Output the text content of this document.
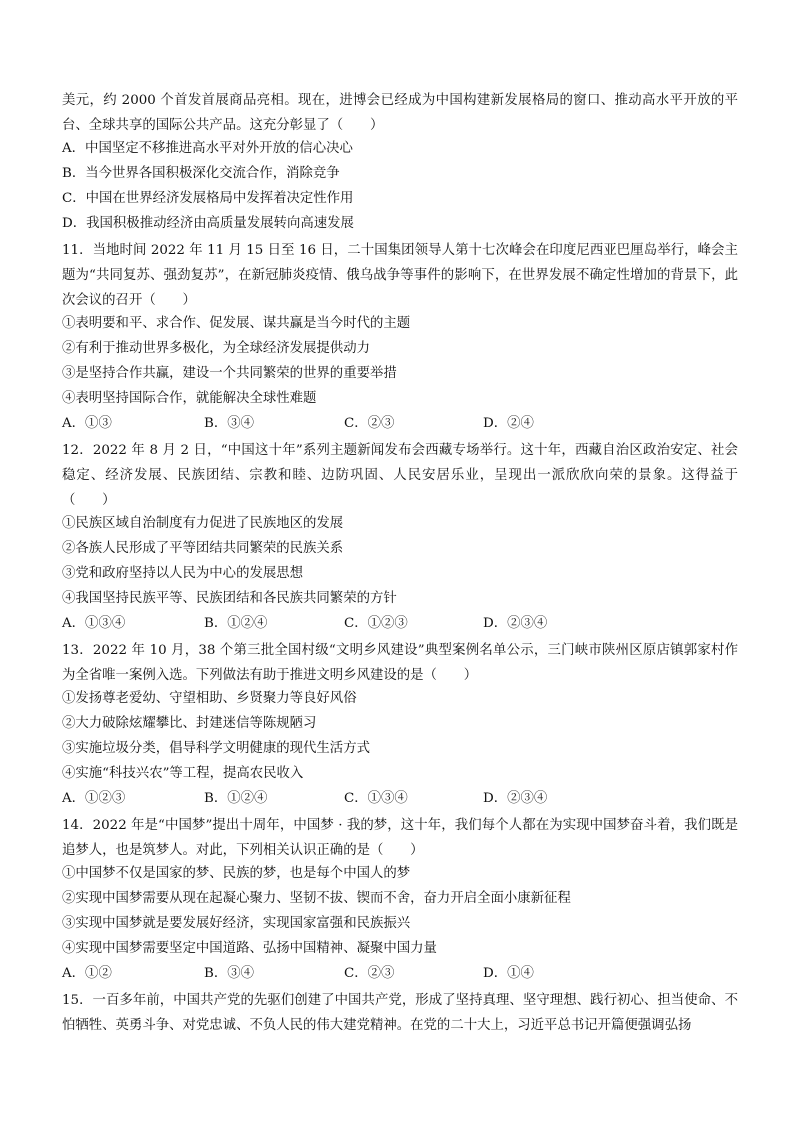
美元，约 2000 个首发首展商品亮相。现在，进博会已经成为中国构建新发展格局的窗口、推动高水平开放的平台、全球共享的国际公共产品。这充分彰显了（　　）
A．中国坚定不移推进高水平对外开放的信心决心
B．当今世界各国积极深化交流合作，消除竞争
C．中国在世界经济发展格局中发挥着决定性作用
D．我国积极推动经济由高质量发展转向高速发展
11．当地时间 2022 年 11 月 15 日至 16 日，二十国集团领导人第十七次峰会在印度尼西亚巴厘岛举行，峰会主题为“共同复苏、强劲复苏”，在新冠肺炎疫情、俄乌战争等事件的影响下，在世界发展不确定性增加的背景下，此次会议的召开（　　）
①表明要和平、求合作、促发展、谋共赢是当今时代的主题
②有利于推动世界多极化，为全球经济发展提供动力
③是坚持合作共赢，建设一个共同繁荣的世界的重要举措
④表明坚持国际合作，就能解决全球性难题
A．①③	B．③④	C．②③	D．②④
12．2022 年 8 月 2 日，“中国这十年”系列主题新闻发布会西藏专场举行。这十年，西藏自治区政治安定、社会稳定、经济发展、民族团结、宗教和睦、边防巩固、人民安居乐业，呈现出一派欣欣向荣的景象。这得益于（　　）
①民族区域自治制度有力促进了民族地区的发展
②各族人民形成了平等团结共同繁荣的民族关系
③党和政府坚持以人民为中心的发展思想
④我国坚持民族平等、民族团结和各民族共同繁荣的方针
A．①③④	B．①②④	C．①②③	D．②③④
13．2022 年 10 月，38 个第三批全国村级“文明乡风建设”典型案例名单公示，三门峡市陕州区原店镇郭家村作为全省唯一案例入选。下列做法有助于推进文明乡风建设的是（　　）
①发扬尊老爱幼、守望相助、乡贤聚力等良好风俗
②大力破除炫耀攀比、封建迷信等陈规陋习
③实施垃圾分类，倡导科学文明健康的现代生活方式
④实施“科技兴农”等工程，提高农民收入
A．①②③	B．①②④	C．①③④	D．②③④
14．2022 年是“中国梦”提出十周年，中国梦 · 我的梦，这十年，我们每个人都在为实现中国梦奋斗着，我们既是追梦人，也是筑梦人。对此，下列相关认识正确的是（　　）
①中国梦不仅是国家的梦、民族的梦，也是每个中国人的梦
②实现中国梦需要从现在起凝心聚力、坚韧不拔、锲而不舍，奋力开启全面小康新征程
③实现中国梦就是要发展好经济，实现国家富强和民族振兴
④实现中国梦需要坚定中国道路、弘扬中国精神、凝聚中国力量
A．①②	B．③④	C．②③	D．①④
15．一百多年前，中国共产党的先驱们创建了中国共产党，形成了坚持真理、坚守理想、践行初心、担当使命、不怕牺牲、英勇斗争、对党忠诚、不负人民的伟大建党精神。在党的二十大上，习近平总书记开篇便强调弘扬
